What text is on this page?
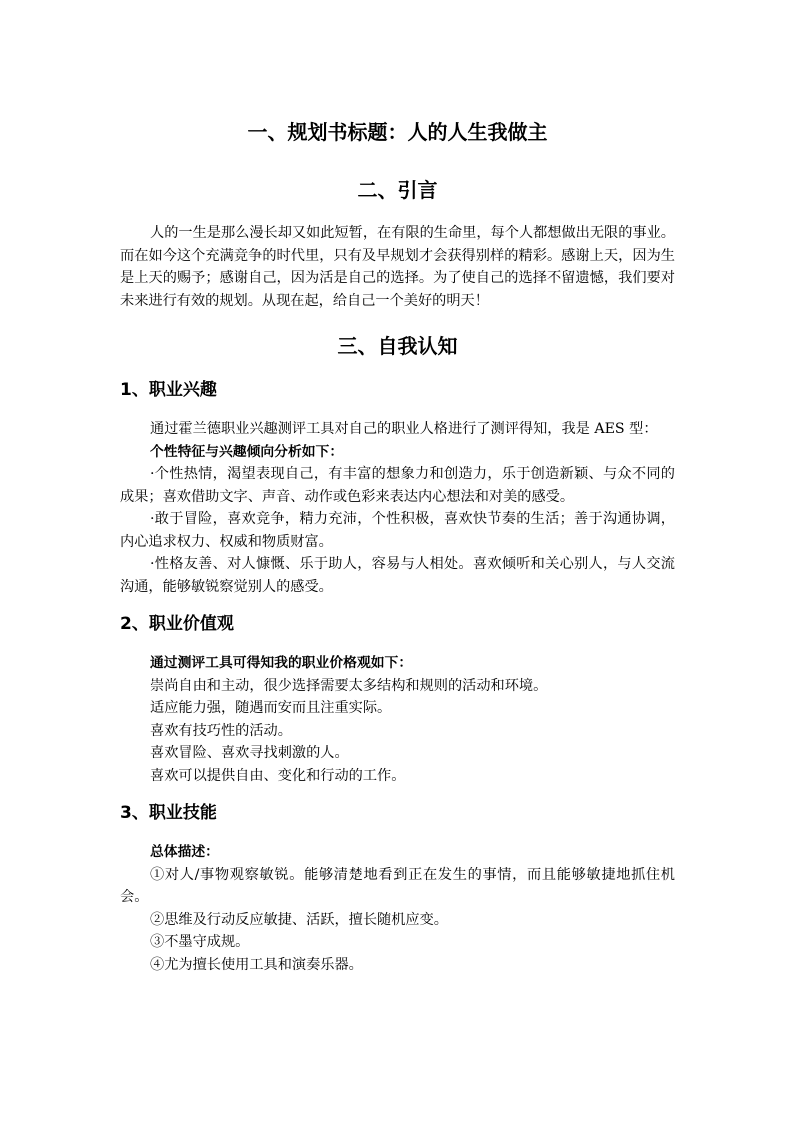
一、规划书标题：人的人生我做主
二、引言

人的一生是那么漫长却又如此短暂，在有限的生命里，每个人都想做出无限的事业。而在如今这个充满竞争的时代里，只有及早规划才会获得别样的精彩。感谢上天，因为生是上天的赐予；感谢自己，因为活是自己的选择。为了使自己的选择不留遗憾，我们要对未来进行有效的规划。从现在起，给自己一个美好的明天！

三、自我认知
1、职业兴趣

通过霍兰德职业兴趣测评工具对自己的职业人格进行了测评得知，我是 AES 型：

个性特征与兴趣倾向分析如下：

·个性热情，渴望表现自己，有丰富的想象力和创造力，乐于创造新颖、与众不同的成果；喜欢借助文字、声音、动作或色彩来表达内心想法和对美的感受。

·敢于冒险，喜欢竞争，精力充沛，个性积极，喜欢快节奏的生活；善于沟通协调，内心追求权力、权威和物质财富。

·性格友善、对人慷慨、乐于助人，容易与人相处。喜欢倾听和关心别人，与人交流沟通，能够敏锐察觉别人的感受。

2、职业价值观

通过测评工具可得知我的职业价格观如下：

崇尚自由和主动，很少选择需要太多结构和规则的活动和环境。

适应能力强，随遇而安而且注重实际。

喜欢有技巧性的活动。

喜欢冒险、喜欢寻找刺激的人。

喜欢可以提供自由、变化和行动的工作。

3、职业技能

总体描述：

①对人/事物观察敏锐。能够清楚地看到正在发生的事情，而且能够敏捷地抓住机会。

②思维及行动反应敏捷、活跃，擅长随机应变。

③不墨守成规。

④尤为擅长使用工具和演奏乐器。
